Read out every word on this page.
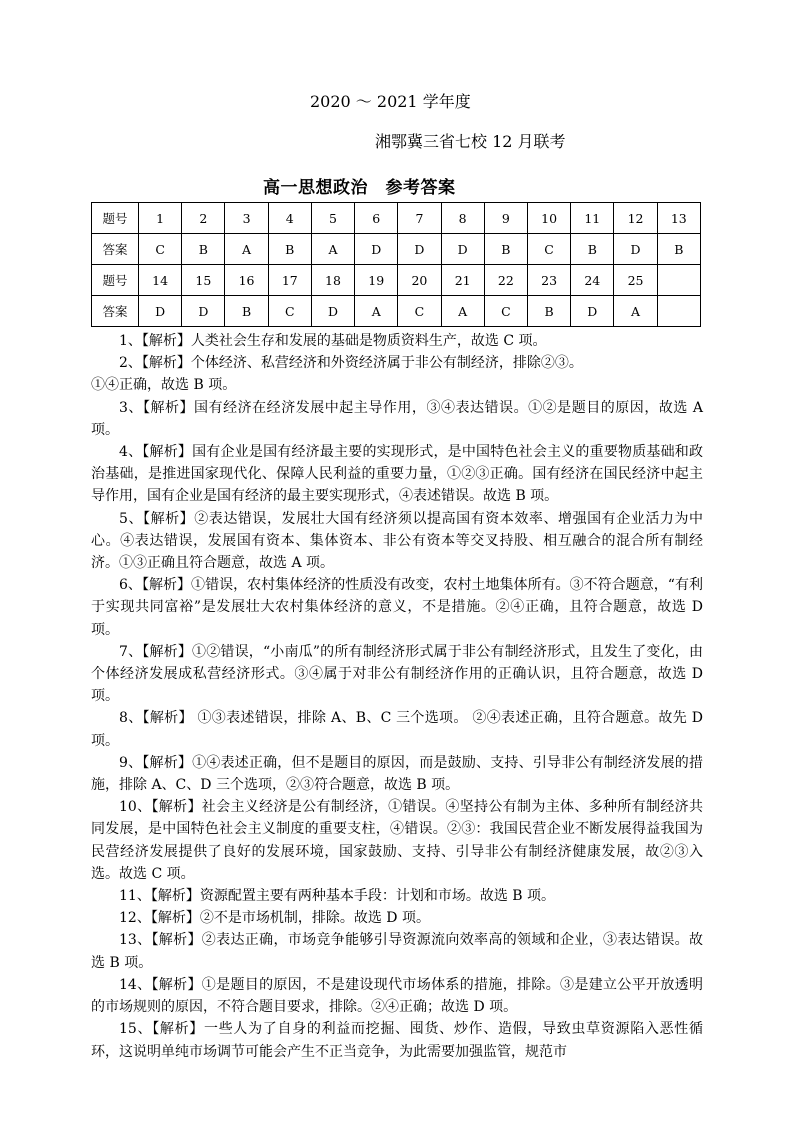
2020 ～ 2021 学年度
湘鄂冀三省七校 12 月联考
高一思想政治　参考答案
题号	1	2	3	4	5	6	7	8	9	10	11	12	13
答案	C	B	A	B	A	D	D	D	B	C	B	D	B
题号	14	15	16	17	18	19	20	21	22	23	24	25	
答案	D	D	B	C	D	A	C	A	C	B	D	A	

1、【解析】人类社会生存和发展的基础是物质资料生产，故选 C 项。

2、【解析】个体经济、私营经济和外资经济属于非公有制经济，排除②③。

①④正确，故选 B 项。

3、【解析】国有经济在经济发展中起主导作用，③④表达错误。①②是题目的原因，故选 A 项。

4、【解析】国有企业是国有经济最主要的实现形式，是中国特色社会主义的重要物质基础和政治基础，是推进国家现代化、保障人民利益的重要力量，①②③正确。国有经济在国民经济中起主导作用，国有企业是国有经济的最主要实现形式，④表述错误。故选 B 项。

5、【解析】②表达错误，发展壮大国有经济须以提高国有资本效率、增强国有企业活力为中心。④表达错误，发展国有资本、集体资本、非公有资本等交叉持股、相互融合的混合所有制经济。①③正确且符合题意，故选 A 项。

6、【解析】①错误，农村集体经济的性质没有改变，农村土地集体所有。③不符合题意，“有利于实现共同富裕”是发展壮大农村集体经济的意义，不是措施。②④正确，且符合题意，故选 D 项。

7、【解析】①②错误，“小南瓜”的所有制经济形式属于非公有制经济形式，且发生了变化，由个体经济发展成私营经济形式。③④属于对非公有制经济作用的正确认识，且符合题意，故选 D 项。

8、【解析】 ①③表述错误，排除 A、B、C 三个选项。 ②④表述正确，且符合题意。故先 D 项。

9、【解析】①④表述正确，但不是题目的原因，而是鼓励、支持、引导非公有制经济发展的措施，排除 A、C、D 三个选项，②③符合题意，故选 B 项。

10、【解析】社会主义经济是公有制经济，①错误。④坚持公有制为主体、多种所有制经济共同发展，是中国特色社会主义制度的重要支柱，④错误。②③：我国民营企业不断发展得益我国为民营经济发展提供了良好的发展环境，国家鼓励、支持、引导非公有制经济健康发展，故②③入选。故选 C 项。

11、【解析】资源配置主要有两种基本手段：计划和市场。故选 B 项。

12、【解析】②不是市场机制，排除。故选 D 项。

13、【解析】②表达正确，市场竞争能够引导资源流向效率高的领域和企业，③表达错误。故选 B 项。

14、【解析】①是题目的原因，不是建设现代市场体系的措施，排除。③是建立公平开放透明的市场规则的原因，不符合题目要求，排除。②④正确；故选 D 项。

15、【解析】一些人为了自身的利益而挖掘、囤货、炒作、造假，导致虫草资源陷入恶性循环，这说明单纯市场调节可能会产生不正当竞争，为此需要加强监管，规范市
